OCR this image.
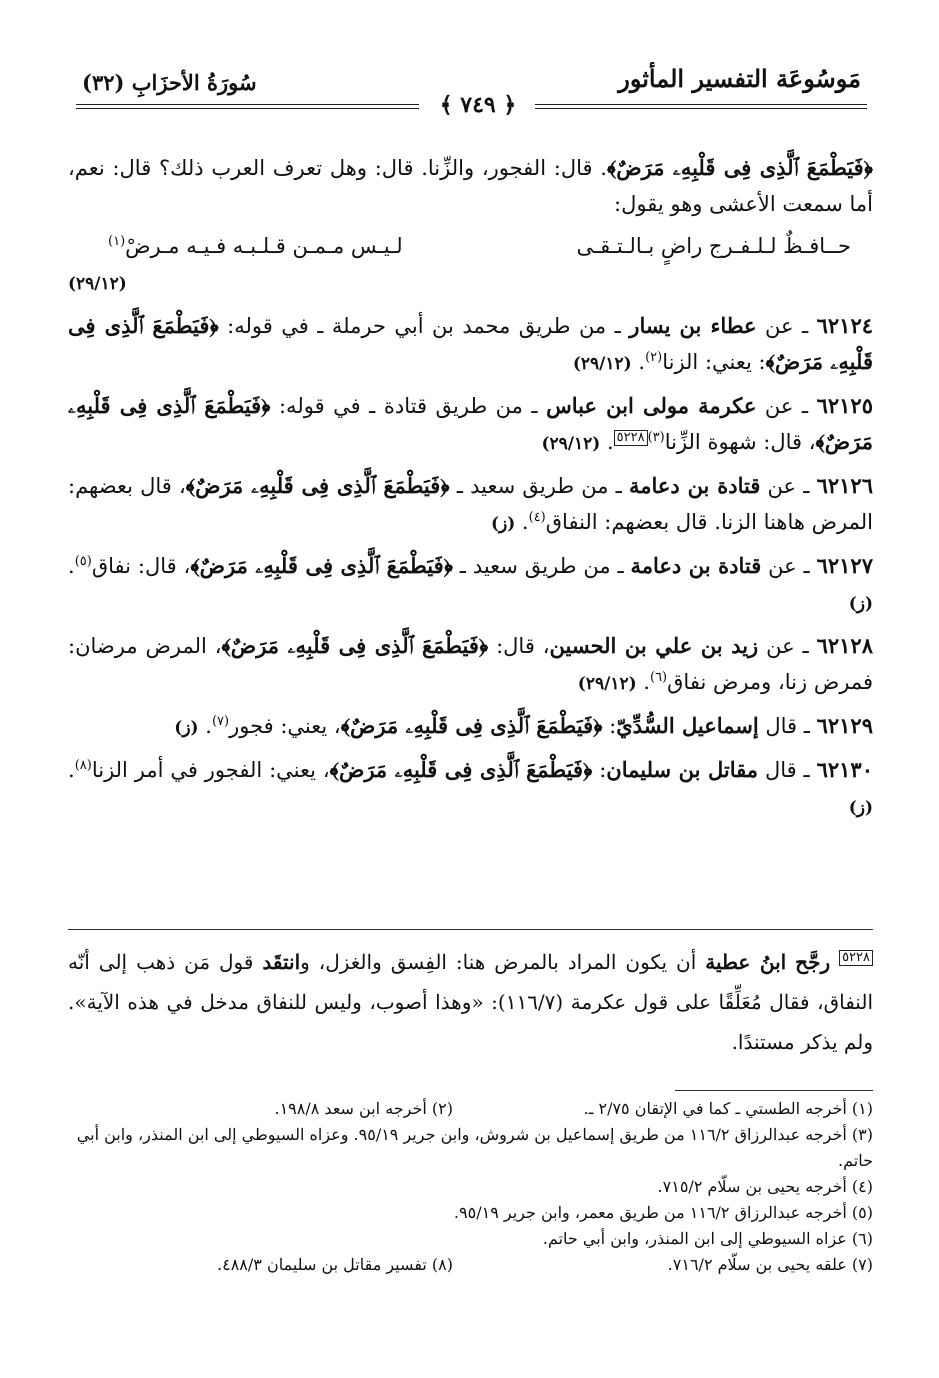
مَوسُوعَة التفسير المأثور
سُورَةُ الأحزَابِ (٣٢)
﴿ ٧٤٩ ﴾

﴿فَيَطْمَعَ ٱلَّذِى فِى قَلْبِهِۦ مَرَضٌ﴾. قال: الفجور، والزِّنا. قال: وهل تعرف العرب ذلك؟ قال: نعم، أما سمعت الأعشى وهو يقول:

حــافـظٌ لـلـفـرج راضٍ بـالـتـقـى
لـيـس مـمـن قـلـبـه فـيـه مـرضْ$^{(١)}$

(٢٩/١٢)

٦٢١٢٤ ـ عن عطاء بن يسار ـ من طريق محمد بن أبي حرملة ـ في قوله: ﴿فَيَطْمَعَ ٱلَّذِى فِى قَلْبِهِۦ مَرَضٌ﴾: يعني: الزنا$^{(٢)}$. (٢٩/١٢)

٦٢١٢٥ ـ عن عكرمة مولى ابن عباس ـ من طريق قتادة ـ في قوله: ﴿فَيَطْمَعَ ٱلَّذِى فِى قَلْبِهِۦ مَرَضٌ﴾، قال: شهوة الزِّنا$^{(٣)}$٥٢٢٨. (٢٩/١٢)

٦٢١٢٦ ـ عن قتادة بن دعامة ـ من طريق سعيد ـ ﴿فَيَطْمَعَ ٱلَّذِى فِى قَلْبِهِۦ مَرَضٌ﴾، قال بعضهم: المرض هاهنا الزنا. قال بعضهم: النفاق$^{(٤)}$. (ز)

٦٢١٢٧ ـ عن قتادة بن دعامة ـ من طريق سعيد ـ ﴿فَيَطْمَعَ ٱلَّذِى فِى قَلْبِهِۦ مَرَضٌ﴾، قال: نفاق$^{(٥)}$. (ز)

٦٢١٢٨ ـ عن زيد بن علي بن الحسين، قال: ﴿فَيَطْمَعَ ٱلَّذِى فِى قَلْبِهِۦ مَرَضٌ﴾، المرض مرضان: فمرض زنا، ومرض نفاق$^{(٦)}$. (٢٩/١٢)

٦٢١٢٩ ـ قال إسماعيل السُّدِّيّ: ﴿فَيَطْمَعَ ٱلَّذِى فِى قَلْبِهِۦ مَرَضٌ﴾، يعني: فجور$^{(٧)}$. (ز)

٦٢١٣٠ ـ قال مقاتل بن سليمان: ﴿فَيَطْمَعَ ٱلَّذِى فِى قَلْبِهِۦ مَرَضٌ﴾، يعني: الفجور في أمر الزنا$^{(٨)}$. (ز)

٥٢٢٨ رجَّح ابنُ عطية أن يكون المراد بالمرض هنا: الفِسق والغزل، وانتقَد قول مَن ذهب إلى أنّه النفاق، فقال مُعَلِّقًا على قول عكرمة (١١٦/٧): «وهذا أصوب، وليس للنفاق مدخل في هذه الآية». ولم يذكر مستندًا.
(١) أخرجه الطستي ـ كما في الإتقان ٢/٧٥ ـ.
(٢) أخرجه ابن سعد ١٩٨/٨.
(٣) أخرجه عبدالرزاق ١١٦/٢ من طريق إسماعيل بن شروش، وابن جرير ٩٥/١٩. وعزاه السيوطي إلى ابن المنذر، وابن أبي حاتم.
(٤) أخرجه يحيى بن سلّام ٧١٥/٢.
(٥) أخرجه عبدالرزاق ١١٦/٢ من طريق معمر، وابن جرير ٩٥/١٩.
(٦) عزاه السيوطي إلى ابن المنذر، وابن أبي حاتم.
(٧) علقه يحيى بن سلّام ٧١٦/٢.
(٨) تفسير مقاتل بن سليمان ٤٨٨/٣.
